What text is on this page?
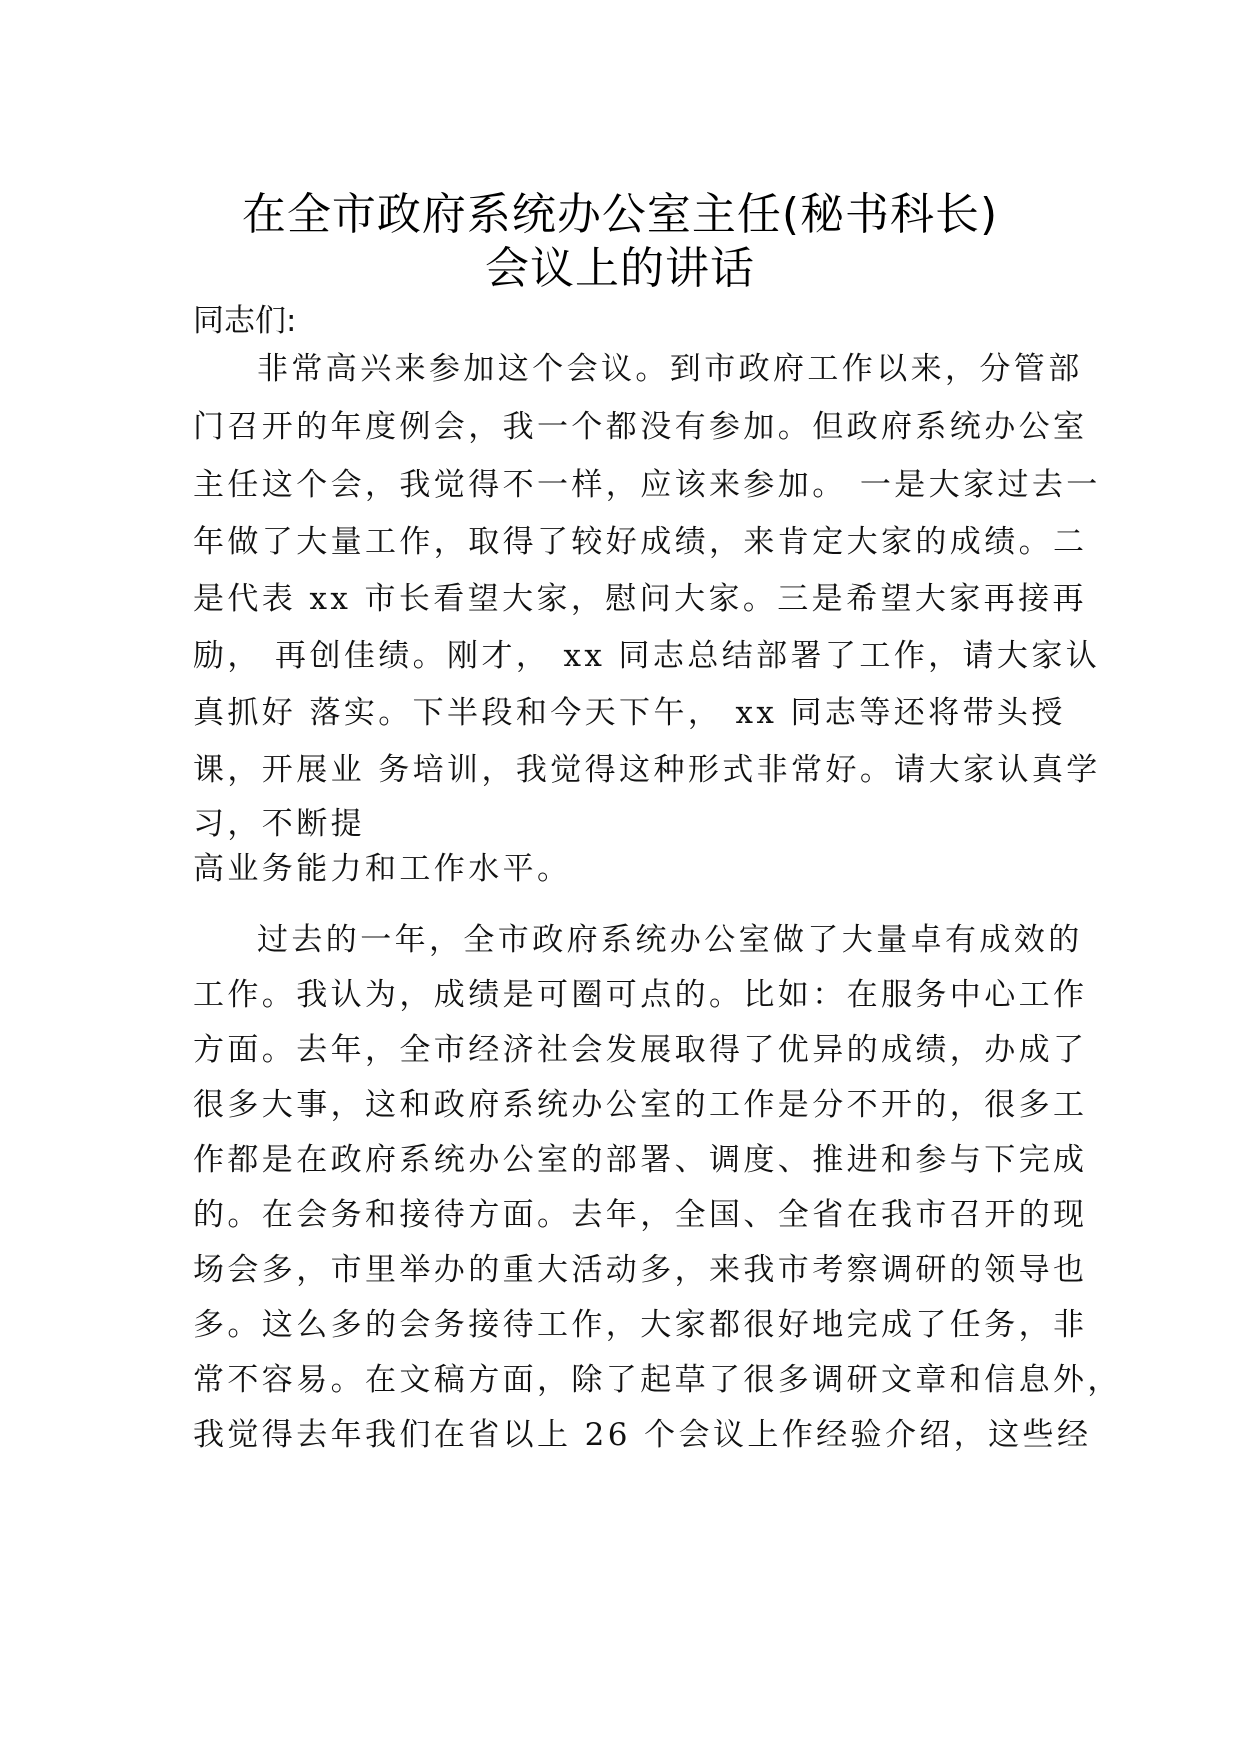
在全市政府系统办公室主任(秘书科长)
会议上的讲话
同志们:
非常高兴来参加这个会议。到市政府工作以来，分管部
门召开的年度例会，我一个都没有参加。但政府系统办公室
主任这个会，我觉得不一样，应该来参加。 一是大家过去一
年做了大量工作，取得了较好成绩，来肯定大家的成绩。二
是代表 xx 市长看望大家，慰问大家。三是希望大家再接再
励， 再创佳绩。刚才， xx 同志总结部署了工作，请大家认
真抓好 落实。下半段和今天下午， xx 同志等还将带头授
课，开展业 务培训，我觉得这种形式非常好。请大家认真学
习，不断提
高业务能力和工作水平。
过去的一年，全市政府系统办公室做了大量卓有成效的
工作。我认为，成绩是可圈可点的。比如：在服务中心工作
方面。去年，全市经济社会发展取得了优异的成绩，办成了
很多大事，这和政府系统办公室的工作是分不开的，很多工
作都是在政府系统办公室的部署、调度、推进和参与下完成
的。在会务和接待方面。去年，全国、全省在我市召开的现
场会多，市里举办的重大活动多，来我市考察调研的领导也
多。这么多的会务接待工作，大家都很好地完成了任务，非
常不容易。在文稿方面，除了起草了很多调研文章和信息外，
我觉得去年我们在省以上 26 个会议上作经验介绍，这些经
